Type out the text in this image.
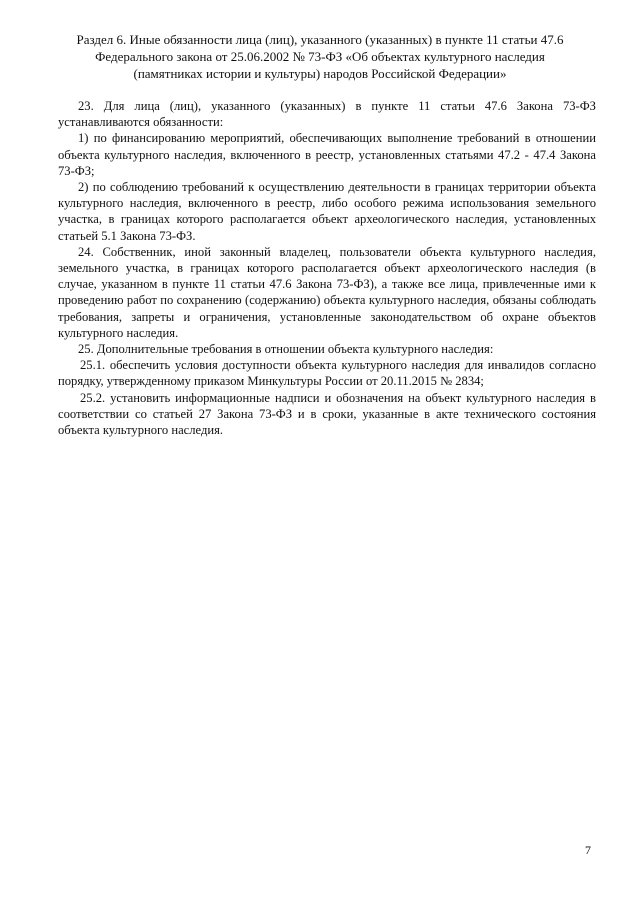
Раздел 6. Иные обязанности лица (лиц), указанного (указанных) в пункте 11 статьи 47.6
Федерального закона от 25.06.2002 № 73-ФЗ «Об объектах культурного наследия
(памятниках истории и культуры) народов Российской Федерации»

23. Для лица (лиц), указанного (указанных) в пункте 11 статьи 47.6 Закона 73-ФЗ устанавливаются обязанности:

1) по финансированию мероприятий, обеспечивающих выполнение требований в отношении объекта культурного наследия, включенного в реестр, установленных статьями 47.2 - 47.4 Закона 73-ФЗ;

2) по соблюдению требований к осуществлению деятельности в границах территории объекта культурного наследия, включенного в реестр, либо особого режима использования земельного участка, в границах которого располагается объект археологического наследия, установленных статьей 5.1 Закона 73-ФЗ.

24. Собственник, иной законный владелец, пользователи объекта культурного наследия, земельного участка, в границах которого располагается объект археологического наследия (в случае, указанном в пункте 11 статьи 47.6 Закона 73-ФЗ), а также все лица, привлеченные ими к проведению работ по сохранению (содержанию) объекта культурного наследия, обязаны соблюдать требования, запреты и ограничения, установленные законодательством об охране объектов культурного наследия.

25. Дополнительные требования в отношении объекта культурного наследия:

25.1. обеспечить условия доступности объекта культурного наследия для инвалидов согласно порядку, утвержденному приказом Минкультуры России от 20.11.2015 № 2834;

25.2. установить информационные надписи и обозначения на объект культурного наследия в соответствии со статьей 27 Закона 73-ФЗ и в сроки, указанные в акте технического состояния объекта культурного наследия.

7
